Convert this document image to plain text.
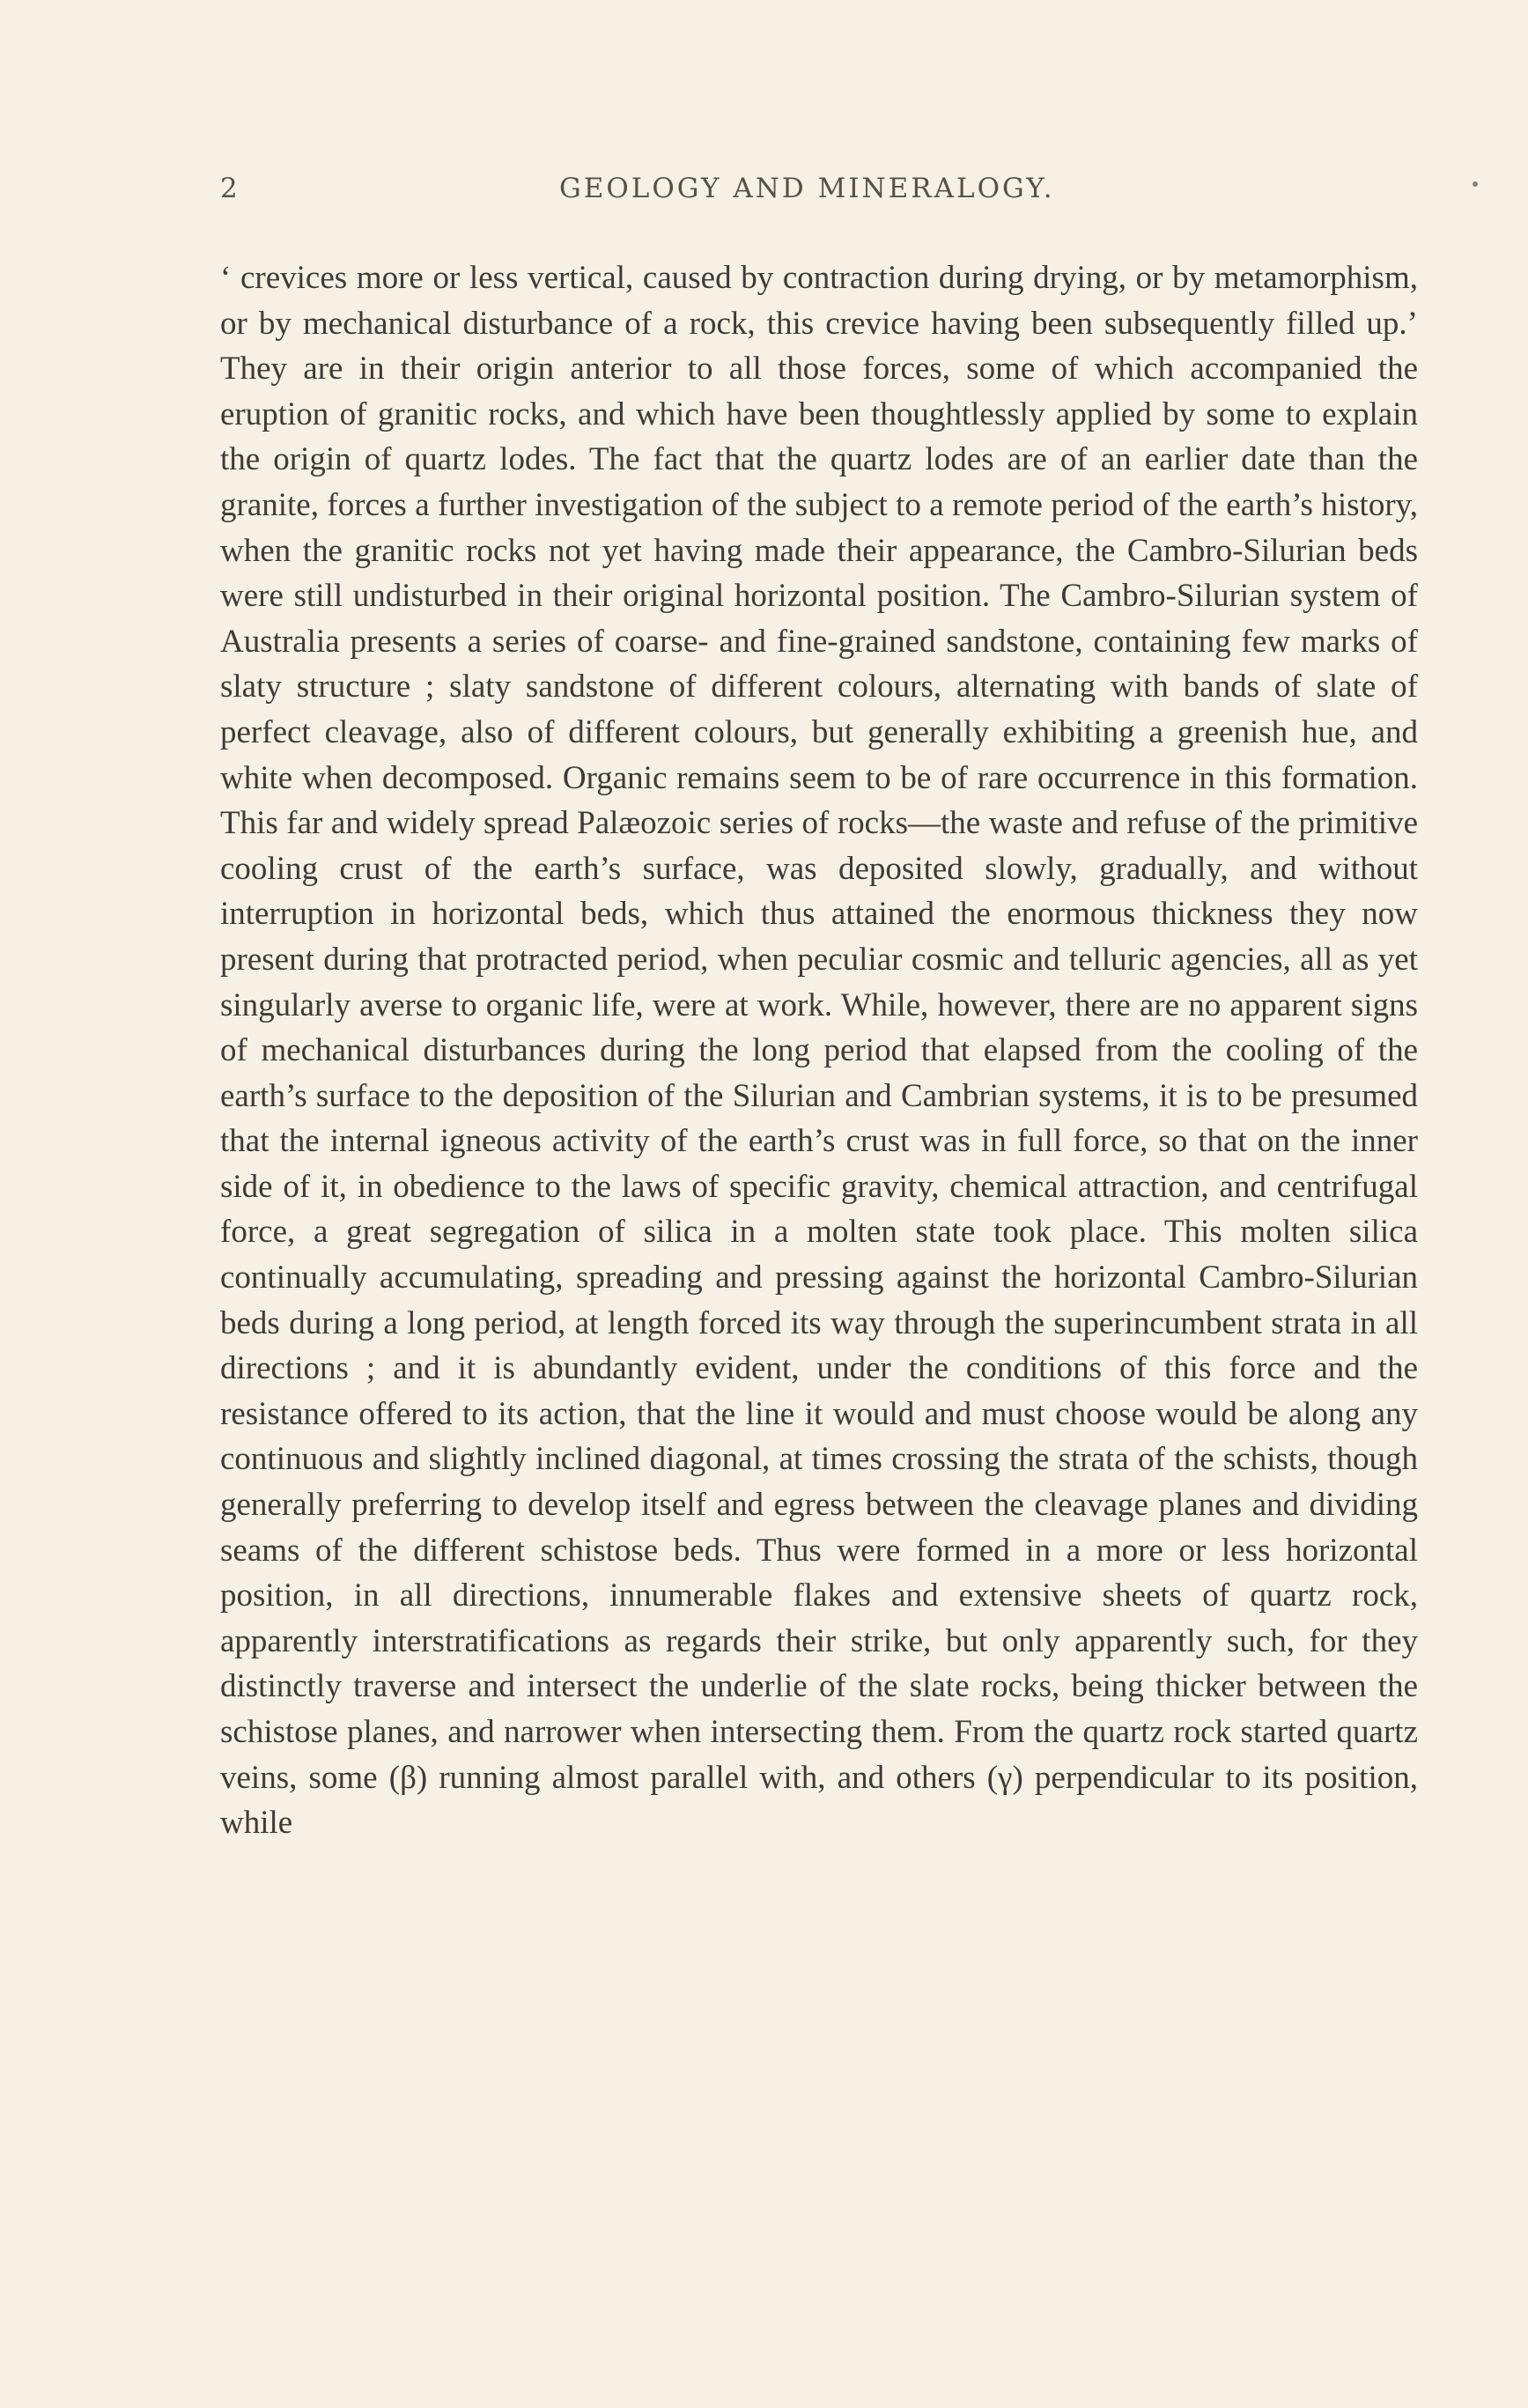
2	GEOLOGY AND MINERALOGY.

‘ crevices more or less vertical, caused by contraction during drying, or by metamorphism, or by mechanical disturbance of a rock, this crevice having been subsequently filled up.’ They are in their origin anterior to all those forces, some of which accompanied the eruption of granitic rocks, and which have been thoughtlessly applied by some to explain the origin of quartz lodes. The fact that the quartz lodes are of an earlier date than the granite, forces a further investigation of the subject to a remote period of the earth’s history, when the granitic rocks not yet having made their appearance, the Cambro-Silurian beds were still undisturbed in their original horizontal position. The Cambro-Silurian system of Australia presents a series of coarse- and fine-grained sandstone, containing few marks of slaty structure ; slaty sandstone of different colours, alternating with bands of slate of perfect cleavage, also of different colours, but generally exhibiting a greenish hue, and white when decomposed. Organic remains seem to be of rare occurrence in this formation. This far and widely spread Palæozoic series of rocks—the waste and refuse of the primitive cooling crust of the earth’s surface, was deposited slowly, gradually, and without interruption in horizontal beds, which thus attained the enormous thickness they now present during that protracted period, when peculiar cosmic and telluric agencies, all as yet singularly averse to organic life, were at work. While, however, there are no apparent signs of mechanical disturbances during the long period that elapsed from the cooling of the earth’s surface to the deposition of the Silurian and Cambrian systems, it is to be presumed that the internal igneous activity of the earth’s crust was in full force, so that on the inner side of it, in obedience to the laws of specific gravity, chemical attraction, and centrifugal force, a great segregation of silica in a molten state took place. This molten silica continually accumulating, spreading and pressing against the horizontal Cambro-Silurian beds during a long period, at length forced its way through the superincumbent strata in all directions ; and it is abundantly evident, under the conditions of this force and the resistance offered to its action, that the line it would and must choose would be along any continuous and slightly inclined diagonal, at times crossing the strata of the schists, though generally preferring to develop itself and egress between the cleavage planes and dividing seams of the different schistose beds. Thus were formed in a more or less horizontal position, in all directions, innumerable flakes and extensive sheets of quartz rock, apparently interstratifications as regards their strike, but only apparently such, for they distinctly traverse and intersect the underlie of the slate rocks, being thicker between the schistose planes, and narrower when intersecting them. From the quartz rock started quartz veins, some (β) running almost parallel with, and others (γ) perpendicular to its position, while
